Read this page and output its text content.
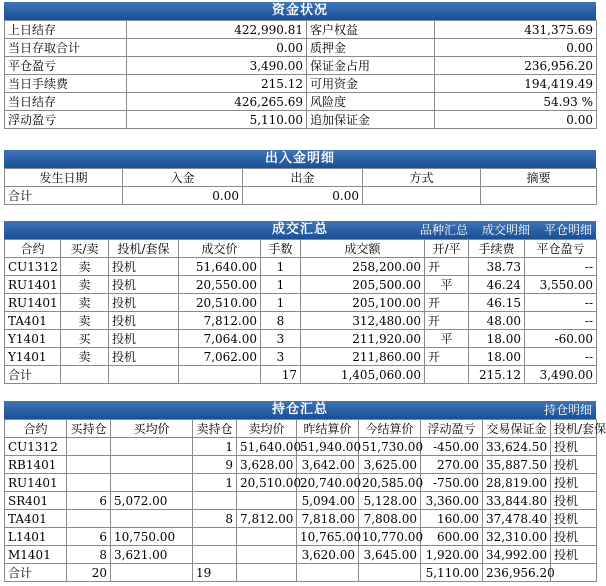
资金状况
上日结存	422,990.81	客户权益	431,375.69
当日存取合计	0.00	质押金	0.00
平仓盈亏	3,490.00	保证金占用	236,956.20
当日手续费	215.12	可用资金	194,419.49
当日结存	426,265.69	风险度	54.93 %
浮动盈亏	5,110.00	追加保证金	0.00
出入金明细
发生日期	入金	出金	方式	摘要
合计	0.00	0.00		
成交汇总	品种汇总 成交明细 平仓明细
合约	买/卖	投机/套保	成交价	手数	成交额	开/平	手续费	平仓盈亏
CU1312	卖	投机	51,640.00	1	258,200.00	开	38.73	--
RU1401	卖	投机	20,550.00	1	205,500.00	平	46.24	3,550.00
RU1401	卖	投机	20,510.00	1	205,100.00	开	46.15	--
TA401	卖	投机	7,812.00	8	312,480.00	开	48.00	--
Y1401	买	投机	7,064.00	3	211,920.00	平	18.00	-60.00
Y1401	卖	投机	7,062.00	3	211,860.00	开	18.00	--
合计				17	1,405,060.00		215.12	3,490.00
持仓汇总	持仓明细
合约	买持仓	买均价	卖持仓	卖均价	昨结算价	今结算价	浮动盈亏	交易保证金	投机/套保
CU1312			1	51,640.00	51,940.00	51,730.00	-450.00	33,624.50	投机
RB1401			9	3,628.00	3,642.00	3,625.00	270.00	35,887.50	投机
RU1401			1	20,510.00	20,740.00	20,585.00	-750.00	28,819.00	投机
SR401	6	5,072.00			5,094.00	5,128.00	3,360.00	33,844.80	投机
TA401			8	7,812.00	7,818.00	7,808.00	160.00	37,478.40	投机
L1401	6	10,750.00			10,765.00	10,770.00	600.00	32,310.00	投机
M1401	8	3,621.00			3,620.00	3,645.00	1,920.00	34,992.00	投机
合计	20		19				5,110.00	236,956.20	
